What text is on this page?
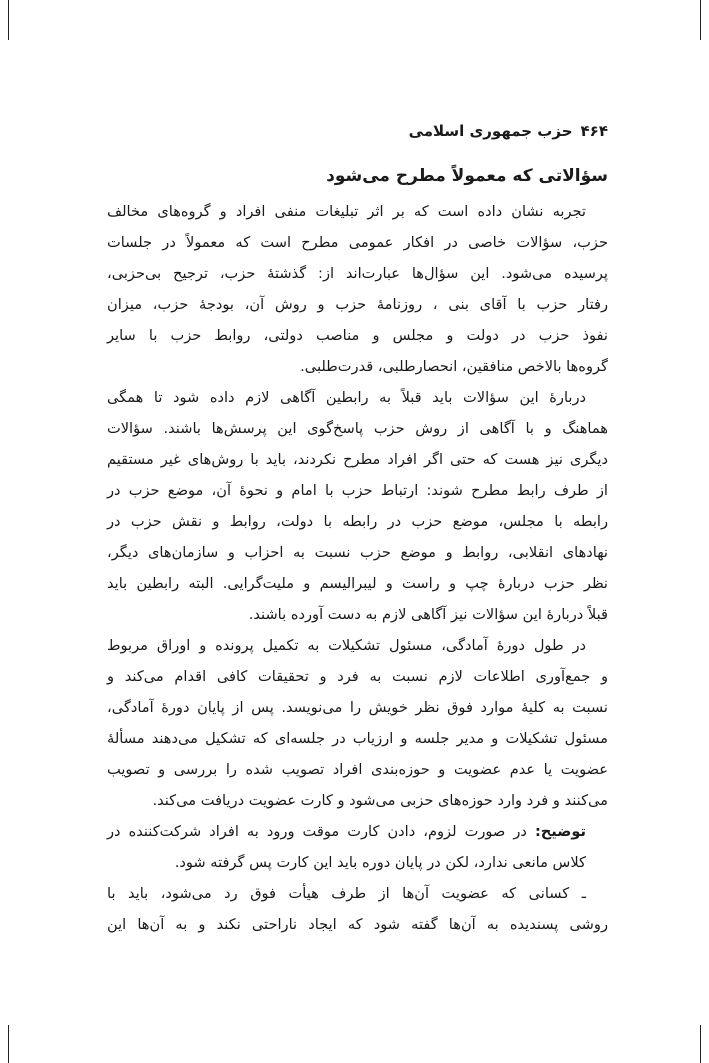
۴۶۴حزب جمهوری اسلامی
سؤالاتی که معمولاً مطرح می‌شود
تجربه نشان داده است که بر اثر تبلیغات منفی افراد و گروه‌های مخالف
حزب، سؤالات خاصی در افکار عمومی مطرح است که معمولاً در جلسات
پرسیده می‌شود. این سؤال‌ها عبارت‌اند از: گذشتهٔ حزب، ترجیح بی‌حزبی،
رفتار حزب با آقای بنی ، روزنامهٔ حزب و روش آن، بودجهٔ حزب، میزان
نفوذ حزب در دولت و مجلس و مناصب دولتی، روابط حزب با سایر
گروه‌ها بالاخص منافقین، انحصارطلبی، قدرت‌طلبی.
دربارهٔ این سؤالات باید قبلاً به رابطین آگاهی لازم داده شود تا همگی
هماهنگ و با آگاهی از روش حزب پاسخ‌گوی این پرسش‌ها باشند. سؤالات
دیگری نیز هست که حتی اگر افراد مطرح نکردند، باید با روش‌های غیر مستقیم
از طرف رابط مطرح شوند: ارتباط حزب با امام و نحوهٔ آن، موضع حزب در
رابطه با مجلس، موضع حزب در رابطه با دولت، روابط و نقش حزب در
نهادهای انقلابی، روابط و موضع حزب نسبت به احزاب و سازمان‌های دیگر،
نظر حزب دربارهٔ چپ و راست و لیبرالیسم و ملیت‌گرایی. البته رابطین باید
قبلاً دربارهٔ این سؤالات نیز آگاهی لازم به دست آورده باشند.
در طول دورهٔ آمادگی، مسئول تشکیلات به تکمیل پرونده و اوراق مربوط
و جمع‌آوری اطلاعات لازم نسبت به فرد و تحقیقات کافی اقدام می‌کند و
نسبت به کلیهٔ موارد فوق نظر خویش را می‌نویسد. پس از پایان دورهٔ آمادگی،
مسئول تشکیلات و مدیر جلسه و ارزیاب در جلسه‌ای که تشکیل می‌دهند مسألهٔ
عضویت یا عدم عضویت و حوزه‌بندی افراد تصویب شده را بررسی و تصویب
می‌کنند و فرد وارد حوزه‌های حزبی می‌شود و کارت عضویت دریافت می‌کند.
توضیح: در صورت لزوم، دادن کارت موقت ورود به افراد شرکت‌کننده در
کلاس مانعی ندارد، لکن در پایان دوره باید این کارت پس گرفته شود.
ـ کسانی که عضویت آن‌ها از طرف هیأت فوق رد می‌شود، باید با
روشی پسندیده به آن‌ها گفته شود که ایجاد ناراحتی نکند و به آن‌ها این
